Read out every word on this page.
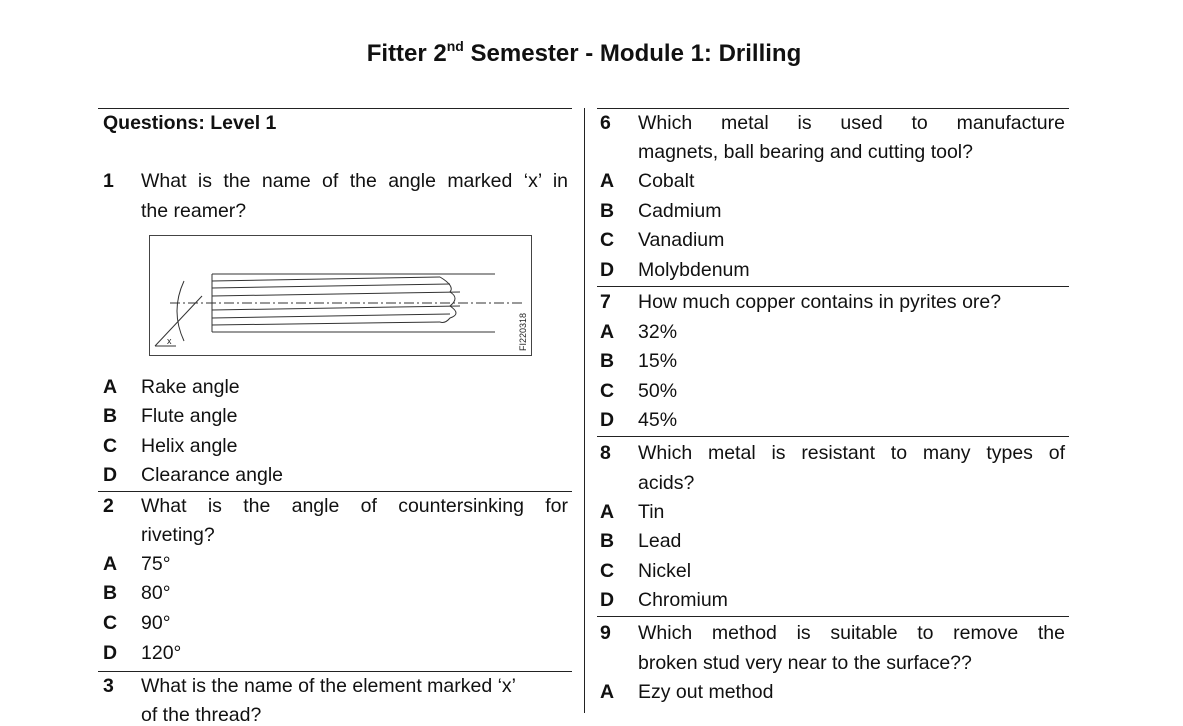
Fitter 2nd Semester - Module 1: Drilling
Questions: Level 1
1 What is the name of the angle marked ‘x’ in
the reamer?
x	FI220318
A Rake angle
B Flute angle
C Helix angle
D Clearance angle
2 What is the angle of countersinking for
riveting?
A 75°
B 80°
C 90°
D 120°
3 What is the name of the element marked ‘x’
of the thread?
6 Which metal is used to manufacture
magnets, ball bearing and cutting tool?
A Cobalt
B Cadmium
C Vanadium
D Molybdenum
7 How much copper contains in pyrites ore?
A 32%
B 15%
C 50%
D 45%
8 Which metal is resistant to many types of
acids?
A Tin
B Lead
C Nickel
D Chromium
9 Which method is suitable to remove the
broken stud very near to the surface??
A Ezy out method
